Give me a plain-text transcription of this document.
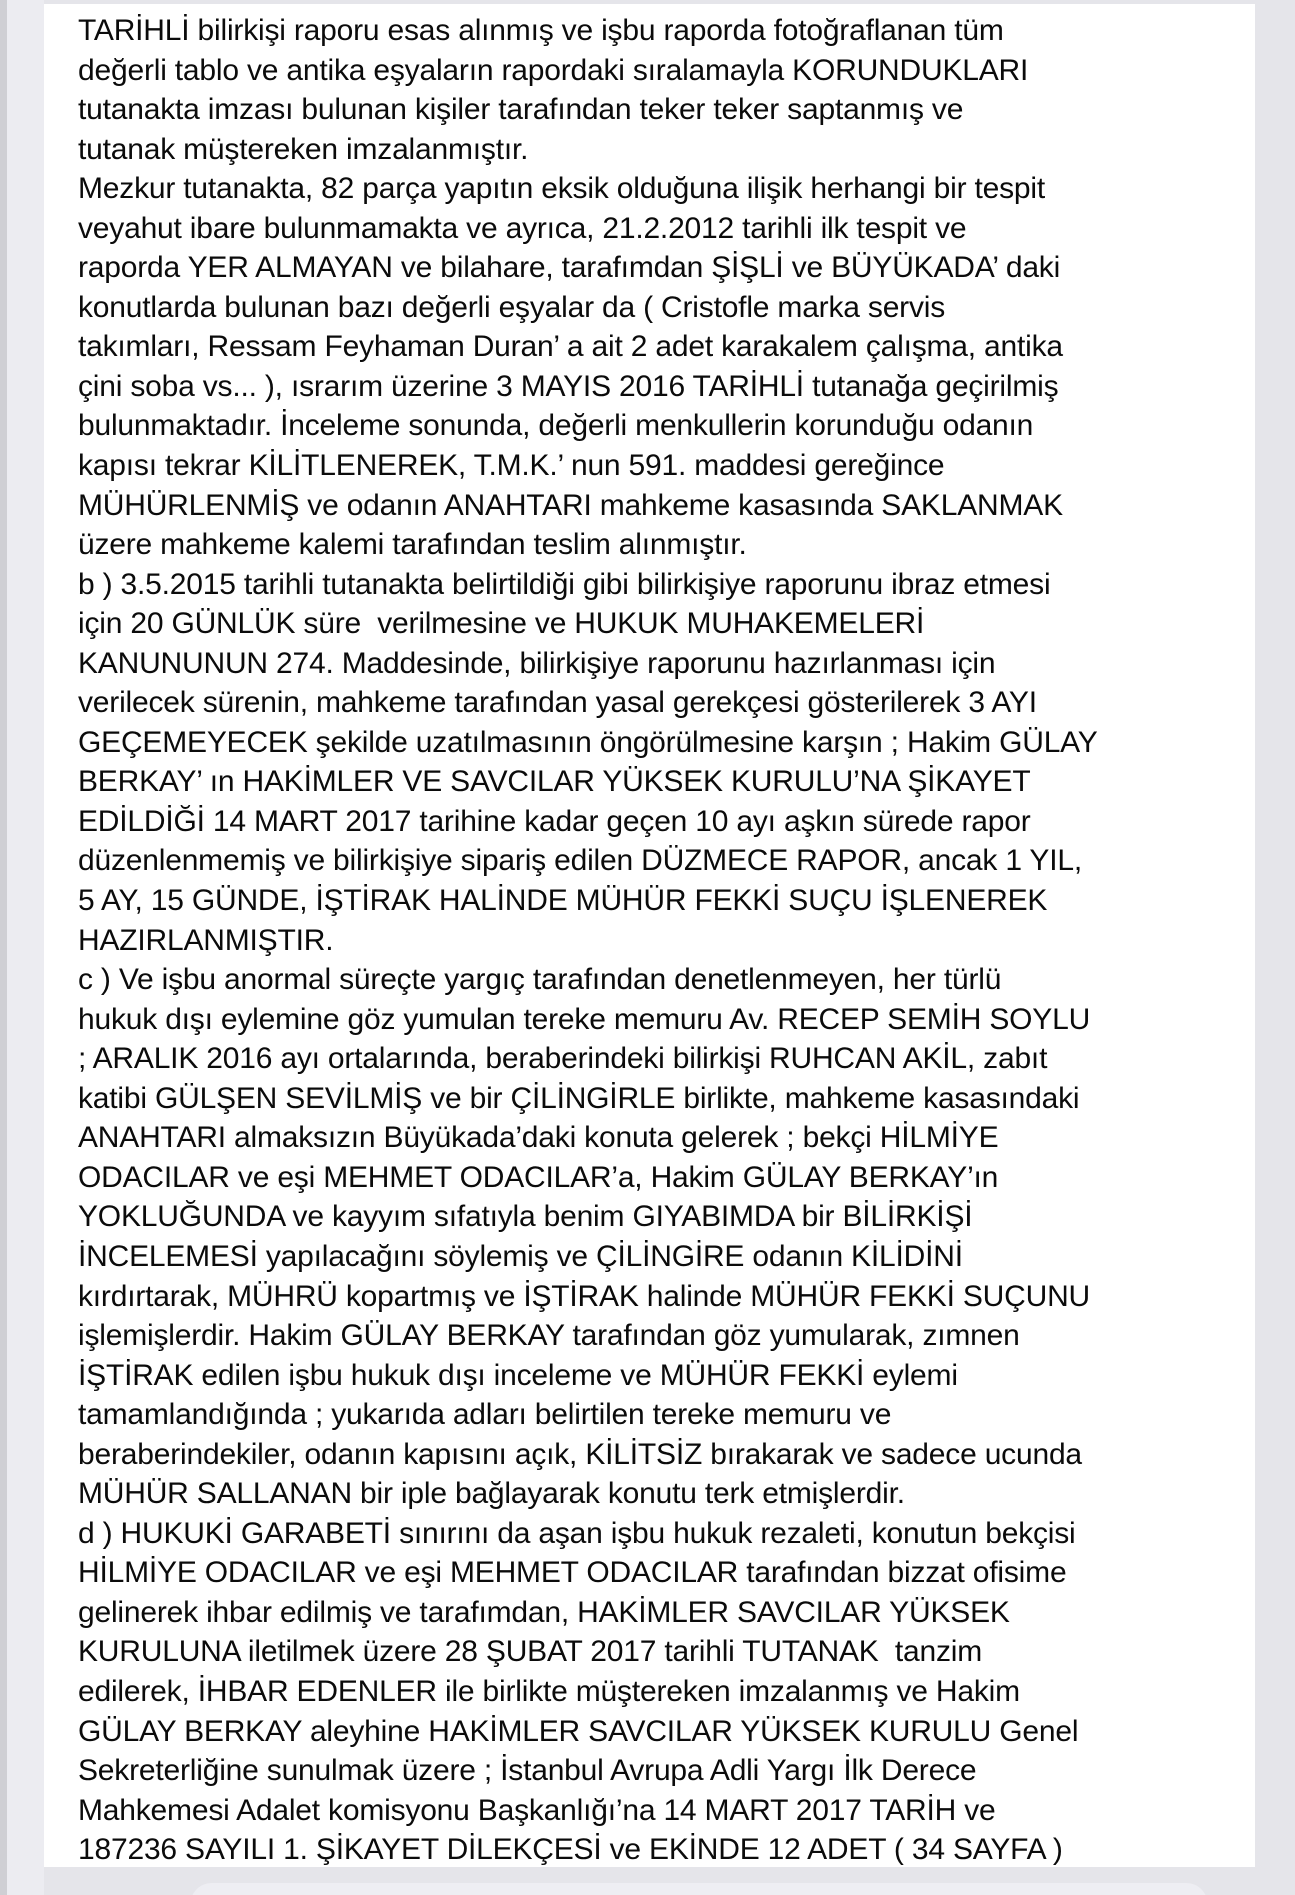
TARİHLİ bilirkişi raporu esas alınmış ve işbu raporda fotoğraflanan tüm
değerli tablo ve antika eşyaların rapordaki sıralamayla KORUNDUKLARI
tutanakta imzası bulunan kişiler tarafından teker teker saptanmış ve
tutanak müştereken imzalanmıştır.
Mezkur tutanakta, 82 parça yapıtın eksik olduğuna ilişik herhangi bir tespit
veyahut ibare bulunmamakta ve ayrıca, 21.2.2012 tarihli ilk tespit ve
raporda YER ALMAYAN ve bilahare, tarafımdan ŞİŞLİ ve BÜYÜKADA’ daki
konutlarda bulunan bazı değerli eşyalar da ( Cristofle marka servis
takımları, Ressam Feyhaman Duran’ a ait 2 adet karakalem çalışma, antika
çini soba vs... ), ısrarım üzerine 3 MAYIS 2016 TARİHLİ tutanağa geçirilmiş
bulunmaktadır. İnceleme sonunda, değerli menkullerin korunduğu odanın
kapısı tekrar KİLİTLENEREK, T.M.K.’ nun 591. maddesi gereğince
MÜHÜRLENMİŞ ve odanın ANAHTARI mahkeme kasasında SAKLANMAK
üzere mahkeme kalemi tarafından teslim alınmıştır.
b ) 3.5.2015 tarihli tutanakta belirtildiği gibi bilirkişiye raporunu ibraz etmesi
için 20 GÜNLÜK süre  verilmesine ve HUKUK MUHAKEMELERİ
KANUNUNUN 274. Maddesinde, bilirkişiye raporunu hazırlanması için
verilecek sürenin, mahkeme tarafından yasal gerekçesi gösterilerek 3 AYI
GEÇEMEYECEK şekilde uzatılmasının öngörülmesine karşın ; Hakim GÜLAY
BERKAY’ ın HAKİMLER VE SAVCILAR YÜKSEK KURULU’NA ŞİKAYET
EDİLDİĞİ 14 MART 2017 tarihine kadar geçen 10 ayı aşkın sürede rapor
düzenlenmemiş ve bilirkişiye sipariş edilen DÜZMECE RAPOR, ancak 1 YIL,
5 AY, 15 GÜNDE, İŞTİRAK HALİNDE MÜHÜR FEKKİ SUÇU İŞLENEREK
HAZIRLANMIŞTIR.
c ) Ve işbu anormal süreçte yargıç tarafından denetlenmeyen, her türlü
hukuk dışı eylemine göz yumulan tereke memuru Av. RECEP SEMİH SOYLU
; ARALIK 2016 ayı ortalarında, beraberindeki bilirkişi RUHCAN AKİL, zabıt
katibi GÜLŞEN SEVİLMİŞ ve bir ÇİLİNGİRLE birlikte, mahkeme kasasındaki
ANAHTARI almaksızın Büyükada’daki konuta gelerek ; bekçi HİLMİYE
ODACILAR ve eşi MEHMET ODACILAR’a, Hakim GÜLAY BERKAY’ın
YOKLUĞUNDA ve kayyım sıfatıyla benim GIYABIMDA bir BİLİRKİŞİ
İNCELEMESİ yapılacağını söylemiş ve ÇİLİNGİRE odanın KİLİDİNİ
kırdırtarak, MÜHRÜ kopartmış ve İŞTİRAK halinde MÜHÜR FEKKİ SUÇUNU
işlemişlerdir. Hakim GÜLAY BERKAY tarafından göz yumularak, zımnen
İŞTİRAK edilen işbu hukuk dışı inceleme ve MÜHÜR FEKKİ eylemi
tamamlandığında ; yukarıda adları belirtilen tereke memuru ve
beraberindekiler, odanın kapısını açık, KİLİTSİZ bırakarak ve sadece ucunda
MÜHÜR SALLANAN bir iple bağlayarak konutu terk etmişlerdir.
d ) HUKUKİ GARABETİ sınırını da aşan işbu hukuk rezaleti, konutun bekçisi
HİLMİYE ODACILAR ve eşi MEHMET ODACILAR tarafından bizzat ofisime
gelinerek ihbar edilmiş ve tarafımdan, HAKİMLER SAVCILAR YÜKSEK
KURULUNA iletilmek üzere 28 ŞUBAT 2017 tarihli TUTANAK  tanzim
edilerek, İHBAR EDENLER ile birlikte müştereken imzalanmış ve Hakim
GÜLAY BERKAY aleyhine HAKİMLER SAVCILAR YÜKSEK KURULU Genel
Sekreterliğine sunulmak üzere ; İstanbul Avrupa Adli Yargı İlk Derece
Mahkemesi Adalet komisyonu Başkanlığı’na 14 MART 2017 TARİH ve
187236 SAYILI 1. ŞİKAYET DİLEKÇESİ ve EKİNDE 12 ADET ( 34 SAYFA )
